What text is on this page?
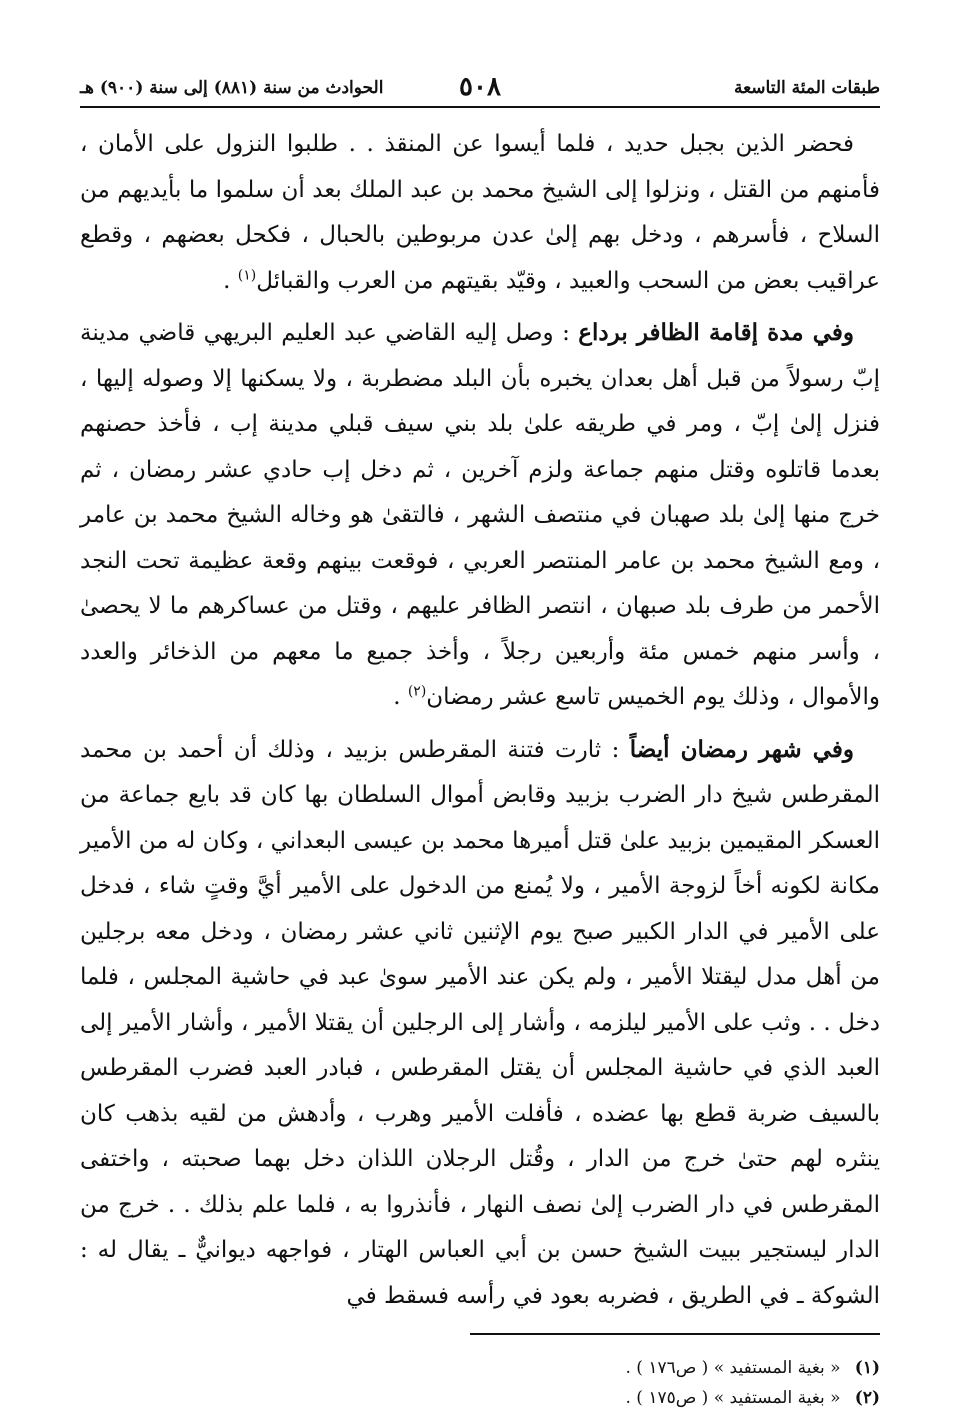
طبقات المئة التاسعة
٥٠٨
الحوادث من سنة (٨٨١) إلى سنة (٩٠٠) هـ

فحضر الذين بجبل حديد ، فلما أيسوا عن المنقذ . . طلبوا النزول على الأمان ، فأمنهم من القتل ، ونزلوا إلى الشيخ محمد بن عبد الملك بعد أن سلموا ما بأيديهم من السلاح ، فأسرهم ، ودخل بهم إلىٰ عدن مربوطين بالحبال ، فكحل بعضهم ، وقطع عراقيب بعض من السحب والعبيد ، وقيّد بقيتهم من العرب والقبائل$^{(١)}$ .

وفي مدة إقامة الظافر برداع : وصل إليه القاضي عبد العليم البريهي قاضي مدينة إبّ رسولاً من قبل أهل بعدان يخبره بأن البلد مضطربة ، ولا يسكنها إلا وصوله إليها ، فنزل إلىٰ إبّ ، ومر في طريقه علىٰ بلد بني سيف قبلي مدينة إب ، فأخذ حصنهم بعدما قاتلوه وقتل منهم جماعة ولزم آخرين ، ثم دخل إب حادي عشر رمضان ، ثم خرج منها إلىٰ بلد صهبان في منتصف الشهر ، فالتقىٰ هو وخاله الشيخ محمد بن عامر ، ومع الشيخ محمد بن عامر المنتصر العربي ، فوقعت بينهم وقعة عظيمة تحت النجد الأحمر من طرف بلد صبهان ، انتصر الظافر عليهم ، وقتل من عساكرهم ما لا يحصىٰ ، وأسر منهم خمس مئة وأربعين رجلاً ، وأخذ جميع ما معهم من الذخائر والعدد والأموال ، وذلك يوم الخميس تاسع عشر رمضان$^{(٢)}$ .

وفي شهر رمضان أيضاً : ثارت فتنة المقرطس بزبيد ، وذلك أن أحمد بن محمد المقرطس شيخ دار الضرب بزبيد وقابض أموال السلطان بها كان قد بايع جماعة من العسكر المقيمين بزبيد علىٰ قتل أميرها محمد بن عيسى البعداني ، وكان له من الأمير مكانة لكونه أخاً لزوجة الأمير ، ولا يُمنع من الدخول على الأمير أيَّ وقتٍ شاء ، فدخل على الأمير في الدار الكبير صبح يوم الإثنين ثاني عشر رمضان ، ودخل معه برجلين من أهل مدل ليقتلا الأمير ، ولم يكن عند الأمير سوىٰ عبد في حاشية المجلس ، فلما دخل . . وثب على الأمير ليلزمه ، وأشار إلى الرجلين أن يقتلا الأمير ، وأشار الأمير إلى العبد الذي في حاشية المجلس أن يقتل المقرطس ، فبادر العبد فضرب المقرطس بالسيف ضربة قطع بها عضده ، فأفلت الأمير وهرب ، وأدهش من لقيه بذهب كان ينثره لهم حتىٰ خرج من الدار ، وقُتل الرجلان اللذان دخل بهما صحبته ، واختفى المقرطس في دار الضرب إلىٰ نصف النهار ، فأنذروا به ، فلما علم بذلك . . خرج من الدار ليستجير ببيت الشيخ حسن بن أبي العباس الهتار ، فواجهه ديوانيٌّ ـ يقال له : الشوكة ـ في الطريق ، فضربه بعود في رأسه فسقط في

(١) « بغية المستفيد » ( ص١٧٦ ) .
(٢) « بغية المستفيد » ( ص١٧٥ ) .
